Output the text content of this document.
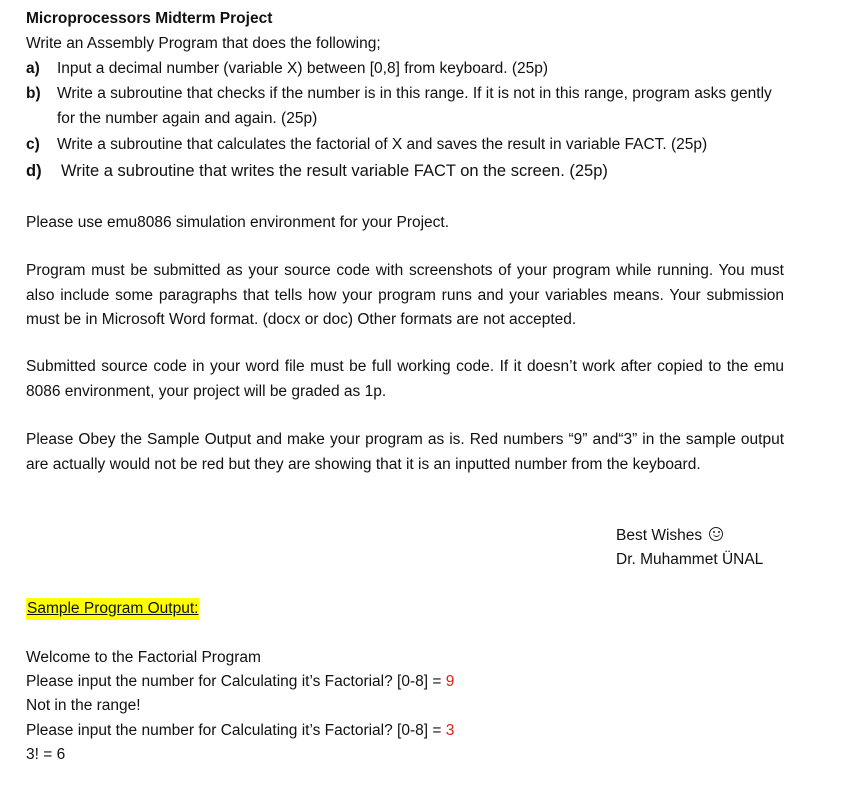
Microprocessors Midterm Project
Write an Assembly Program that does the following;
a) Input a decimal number (variable X) between [0,8] from keyboard. (25p)
b) Write a subroutine that checks if the number is in this range. If it is not in this range, program asks gently for the number again and again. (25p)
c) Write a subroutine that calculates the factorial of X and saves the result in variable FACT. (25p)
d) Write a subroutine that writes the result variable FACT on the screen. (25p)
Please use emu8086 simulation environment for your Project.
Program must be submitted as your source code with screenshots of your program while running. You must also include some paragraphs that tells how your program runs and your variables means. Your submission must be in Microsoft Word format. (docx or doc) Other formats are not accepted.
Submitted source code in your word file must be full working code. If it doesn’t work after copied to the emu 8086 environment, your project will be graded as 1p.
Please Obey the Sample Output and make your program as is. Red numbers “9” and“3” in the sample output are actually would not be red but they are showing that it is an inputted number from the keyboard.
Best Wishes
Dr. Muhammet ÜNAL
Sample Program Output:
Welcome to the Factorial Program
Please input the number for Calculating it’s Factorial? [0-8] = 9
Not in the range!
Please input the number for Calculating it’s Factorial? [0-8] = 3
3! = 6
